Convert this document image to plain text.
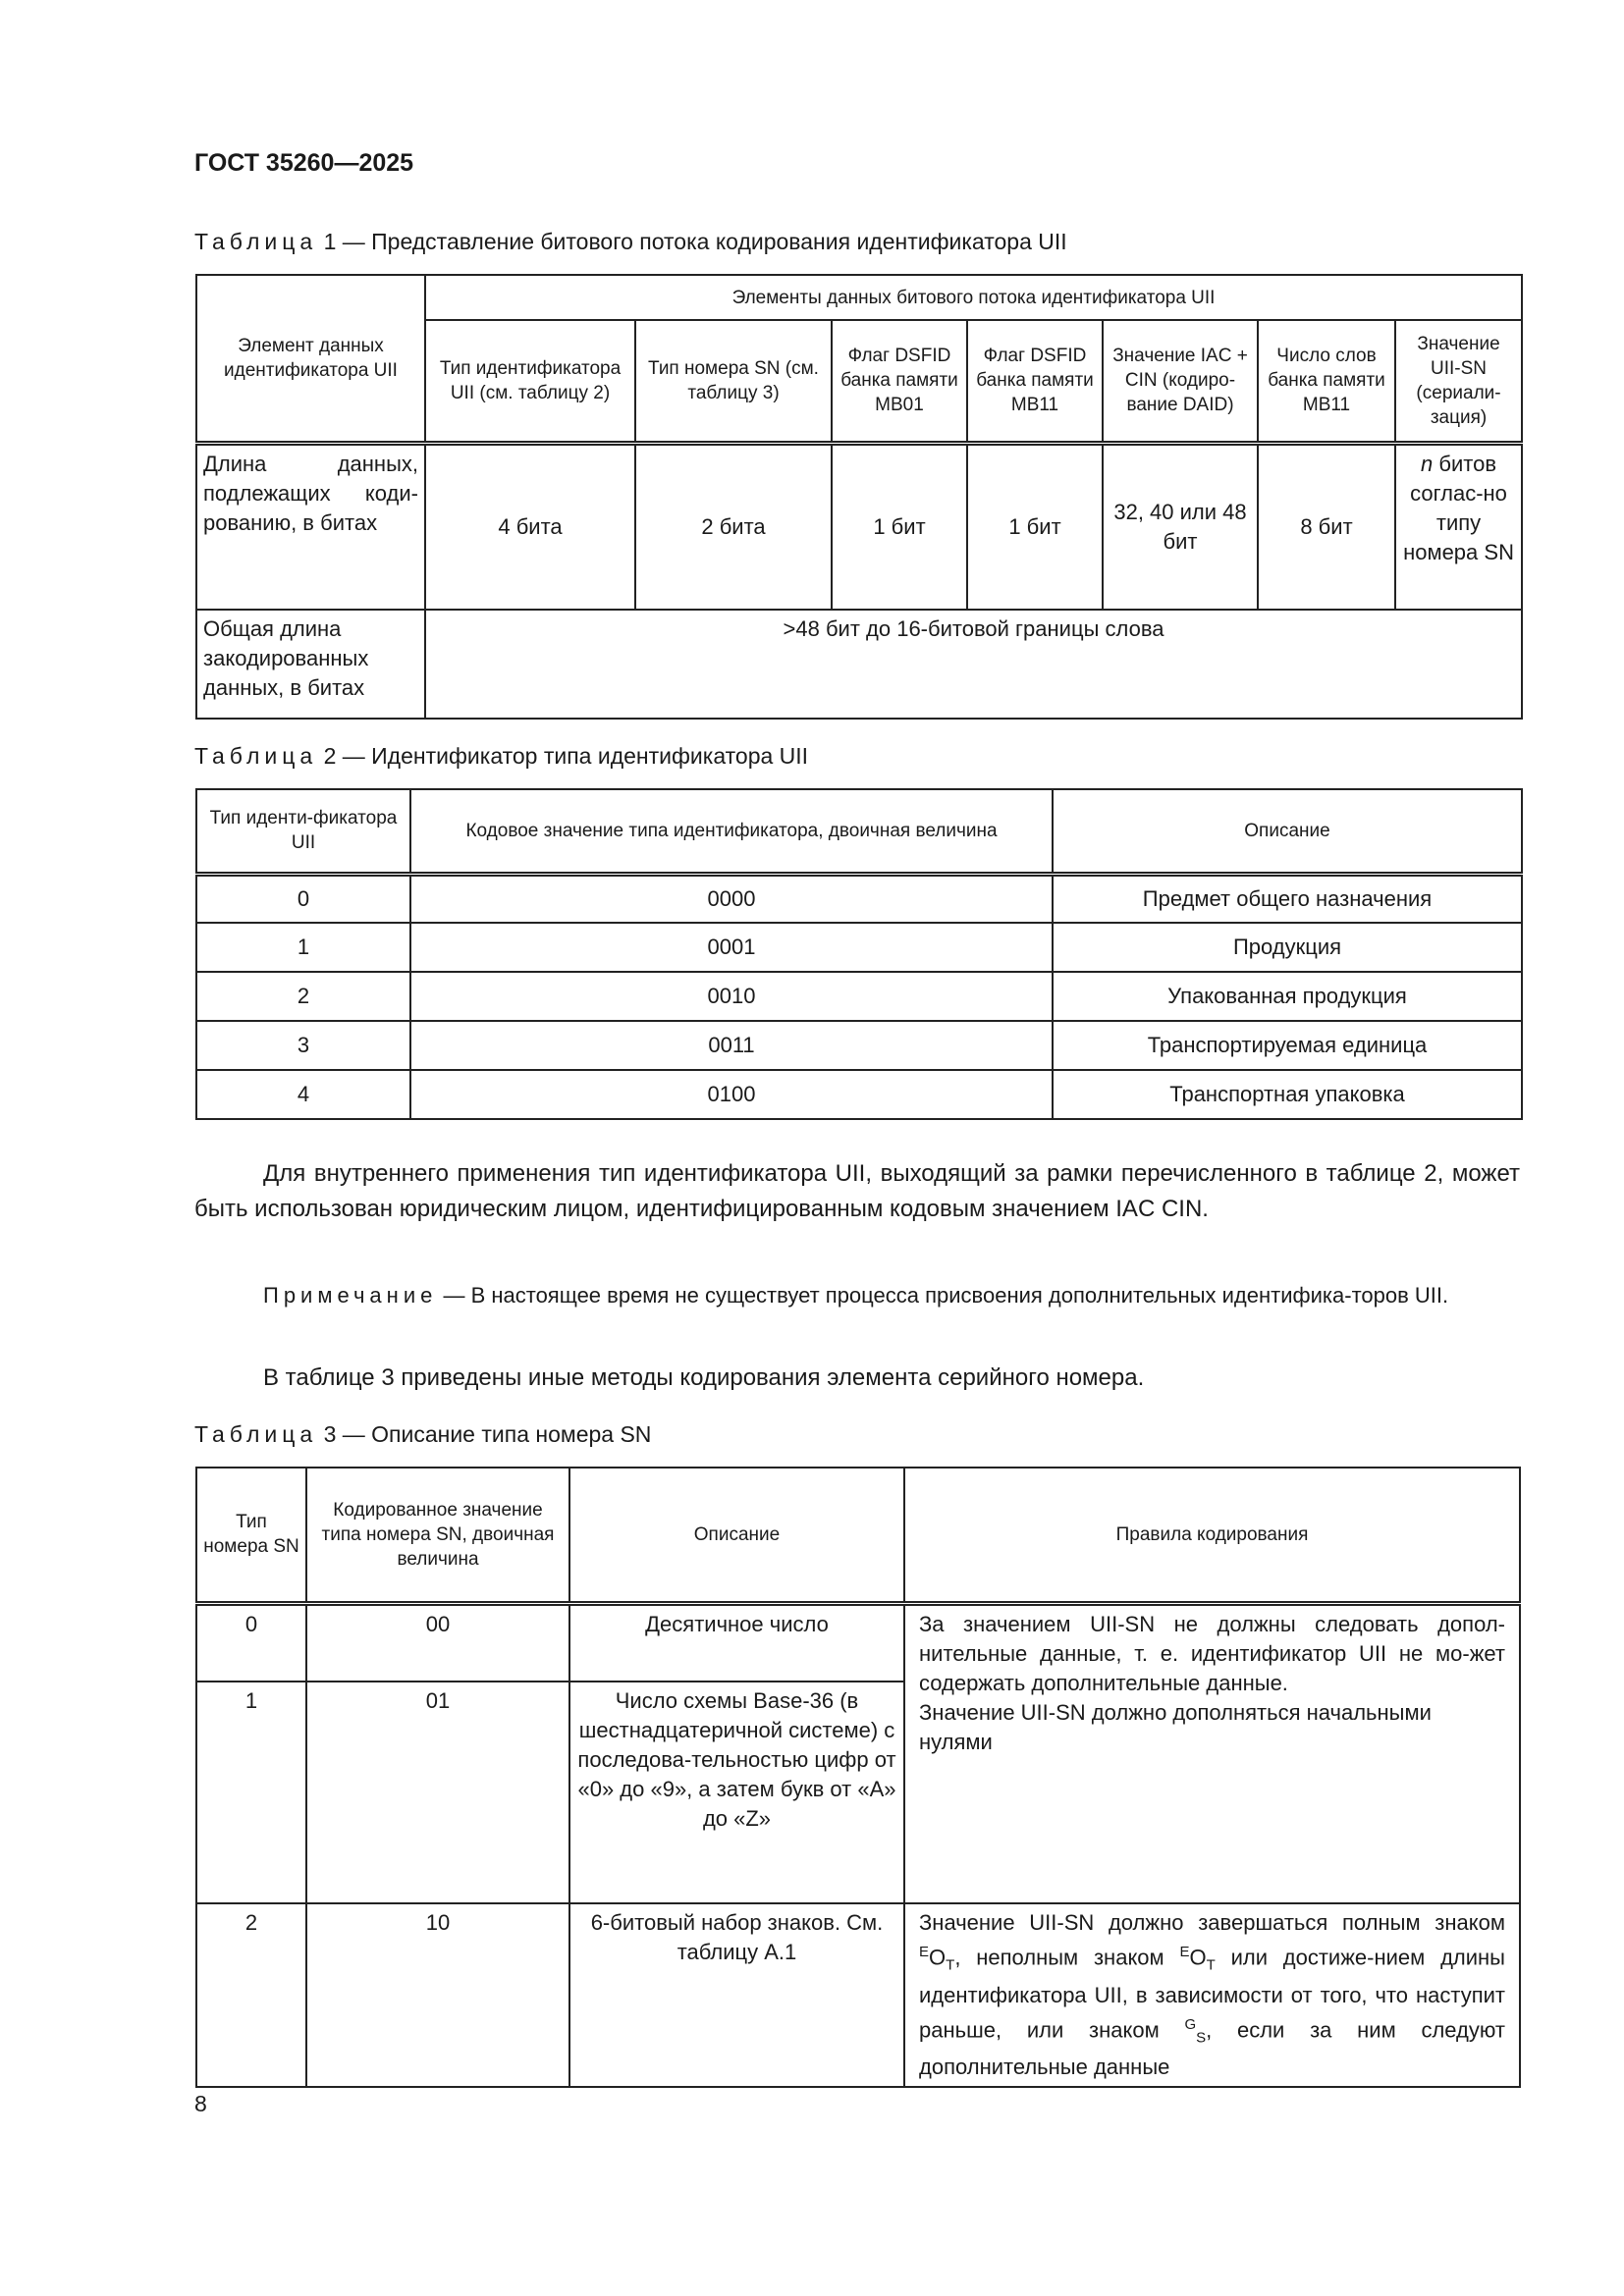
ГОСТ 35260—2025
Таблица 1 — Представление битового потока кодирования идентификатора UII
Элемент данных идентификатора UII	Элементы данных битового потока идентификатора UII						
	Тип идентификатора UII (см. таблицу 2)	Тип номера SN (см. таблицу 3)	Флаг DSFID банка памяти MB01	Флаг DSFID банка памяти MB11	Значение IAC + CIN (кодиро-вание DAID)	Число слов банка памяти MB11	Значение UII-SN (сериали-зация)
Длина данных, подлежащих коди-рованию, в битах	4 бита	2 бита	1 бит	1 бит	32, 40 или 48 бит	8 бит	n битов соглас-но типу номера SN
Общая длина закодированных данных, в битах	>48 бит до 16-битовой границы слова						
Таблица 2 — Идентификатор типа идентификатора UII
Тип иденти-фикатора UII	Кодовое значение типа идентификатора, двоичная величина	Описание
0	0000	Предмет общего назначения
1	0001	Продукция
2	0010	Упакованная продукция
3	0011	Транспортируемая единица
4	0100	Транспортная упаковка
Для внутреннего применения тип идентификатора UII, выходящий за рамки перечисленного в таблице 2, может быть использован юридическим лицом, идентифицированным кодовым значением IAC CIN.
Примечание — В настоящее время не существует процесса присвоения дополнительных идентифика-торов UII.
В таблице 3 приведены иные методы кодирования элемента серийного номера.
Таблица 3 — Описание типа номера SN
Тип номера SN	Кодированное значение типа номера SN, двоичная величина	Описание	Правила кодирования
0	00	Десятичное число	За значением UII-SN не должны следовать допол-нительные данные, т. е. идентификатор UII не мо-жет содержать дополнительные данные.
Значение UII-SN должно дополняться начальными нулями

1	01	Число схемы Base-36 (в шестнадцатеричной системе) с последова-тельностью цифр от «0» до «9», а затем букв от «A» до «Z»	
2	10	6-битовый набор знаков. См. таблицу А.1	Значение UII-SN должно завершаться полным знаком $^EO_T$, неполным знаком $^EO_T$ или достиже-нием длины идентификатора UII, в зависимости от того, что наступит раньше, или знаком $^G_S$, если за ним следуют дополнительные данные
8
